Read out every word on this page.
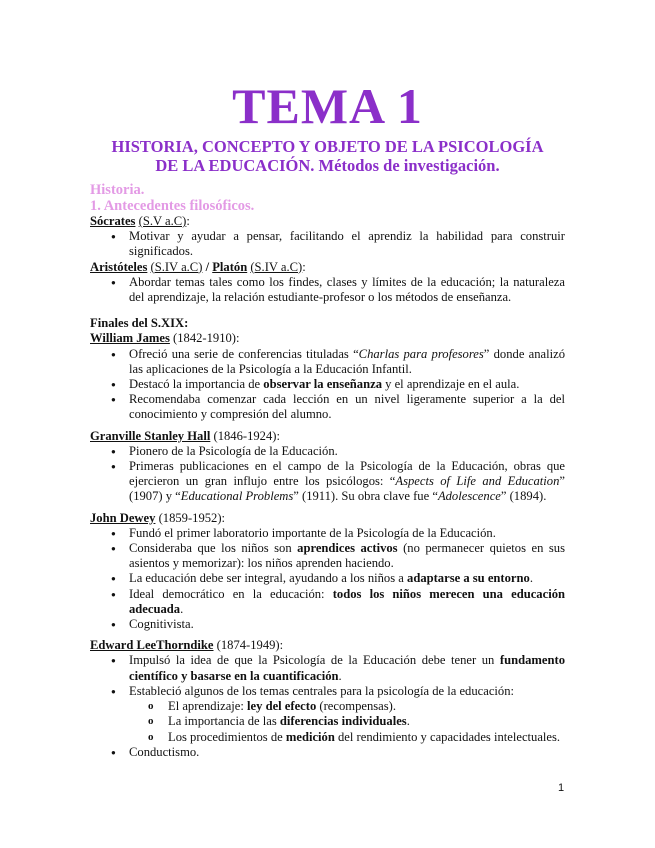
TEMA 1
HISTORIA, CONCEPTO Y OBJETO DE LA PSICOLOGÍA
DE LA EDUCACIÓN. Métodos de investigación.
Historia.
1. Antecedentes filosóficos.
Sócrates (S.V a.C):
● Motivar y ayudar a pensar, facilitando el aprendiz la habilidad para construir significados.
Aristóteles (S.IV a.C) / Platón (S.IV a.C):
● Abordar temas tales como los findes, clases y límites de la educación; la naturaleza del aprendizaje, la relación estudiante-profesor o los métodos de enseñanza.
Finales del S.XIX:
William James (1842-1910):
● Ofreció una serie de conferencias tituladas “Charlas para profesores” donde analizó las aplicaciones de la Psicología a la Educación Infantil.
● Destacó la importancia de observar la enseñanza y el aprendizaje en el aula.
● Recomendaba comenzar cada lección en un nivel ligeramente superior a la del conocimiento y compresión del alumno.
Granville Stanley Hall (1846-1924):
● Pionero de la Psicología de la Educación.
● Primeras publicaciones en el campo de la Psicología de la Educación, obras que ejercieron un gran influjo entre los psicólogos: “Aspects of Life and Education” (1907) y “Educational Problems” (1911). Su obra clave fue “Adolescence” (1894).
John Dewey (1859-1952):
● Fundó el primer laboratorio importante de la Psicología de la Educación.
● Consideraba que los niños son aprendices activos (no permanecer quietos en sus asientos y memorizar): los niños aprenden haciendo.
● La educación debe ser integral, ayudando a los niños a adaptarse a su entorno.
● Ideal democrático en la educación: todos los niños merecen una educación adecuada.
● Cognitivista.
Edward LeeThorndike (1874-1949):
● Impulsó la idea de que la Psicología de la Educación debe tener un fundamento científico y basarse en la cuantificación.
● Estableció algunos de los temas centrales para la psicología de la educación:
o El aprendizaje: ley del efecto (recompensas).
o La importancia de las diferencias individuales.
o Los procedimientos de medición del rendimiento y capacidades intelectuales.
● Conductismo.
1
